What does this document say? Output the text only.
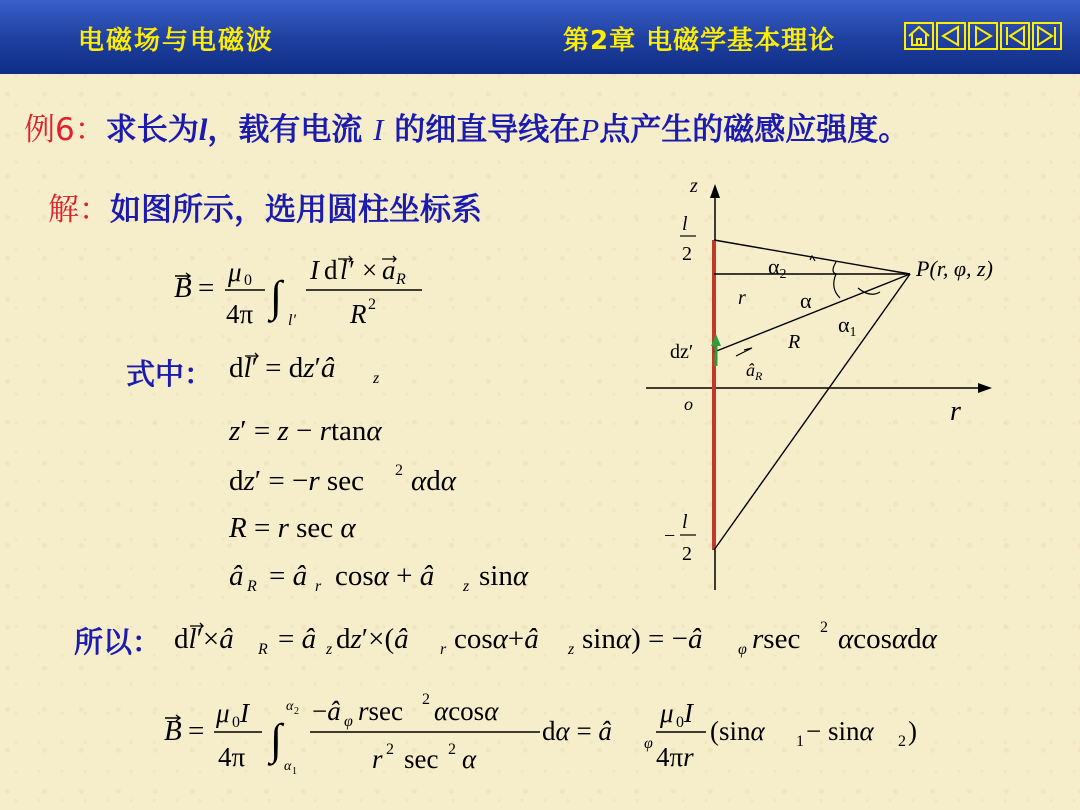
电磁场与电磁波	第2章 电磁学基本理论
例6：求长为l，载有电流 I 的细直导线在P点产生的磁感应强度。
解：如图所示，选用圆柱坐标系
B = μ 0
4π ∫ l′
I d l′ × a R
R 2
式中： dl′ = dz′â z
z′ = z − rtanα
dz′ = −r sec 2 αdα
R = r sec α
â R = â r cosα + â z sinα
z
r
o
l
2
−
l
2
P(r, φ, z)
α2
α
α1
r
R
dz′
$â_R$
所以： dl′×â R = â z dz′×(â r cosα+â z sinα) = −â φ rsec 2 αcosαdα
B =
μ 0 I
4π ∫
α 2
α 1
−â φ rsec 2 αcosα
r 2 sec 2 α
dα = â φ
μ 0 I
4πr
(sinα 1 − sinα 2 )
